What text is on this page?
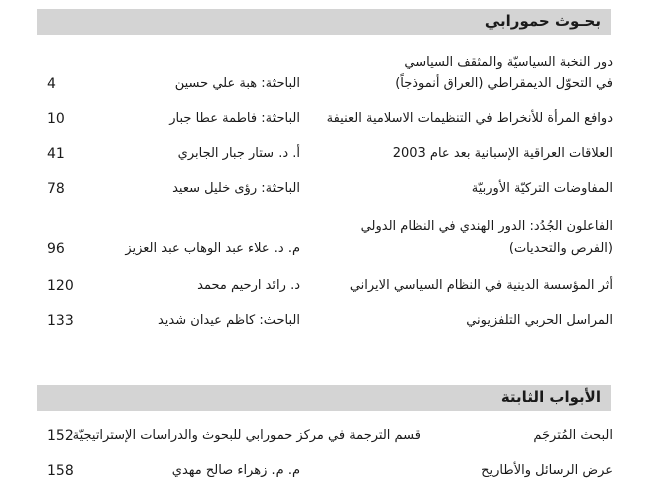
بحـوث حمورابي
دور النخبة السياسيّة والمثقف السياسي
في التحوّل الديمقراطي (العراق أنموذجاً)
الباحثة: هبة علي حسين
4
دوافع المرأة للأنخراط في التنظيمات الاسلامية العنيفة
الباحثة: فاطمة عطا جبار
10
العلاقات العراقية الإسبانية بعد عام 2003
أ. د. ستار جبار الجابري
41
المفاوضات التركيّة الأوربيّة
الباحثة: رؤى خليل سعيد
78
الفاعلون الجُدُد: الدور الهندي في النظام الدولي
(الفرص والتحديات)
م. د. علاء عبد الوهاب عبد العزيز
96
أثر المؤسسة الدينية في النظام السياسي الايراني
د. رائد ارحيم محمد
120
المراسل الحربي التلفزيوني
الباحث: كاظم عيدان شديد
133
الأبواب الثابتة
البحث المُترجَم
قسم الترجمة في مركز حمورابي للبحوث والدراسات الإستراتيجيّة
152
عرض الرسائل والأطاريح
م. م. زهراء صالح مهدي
158
